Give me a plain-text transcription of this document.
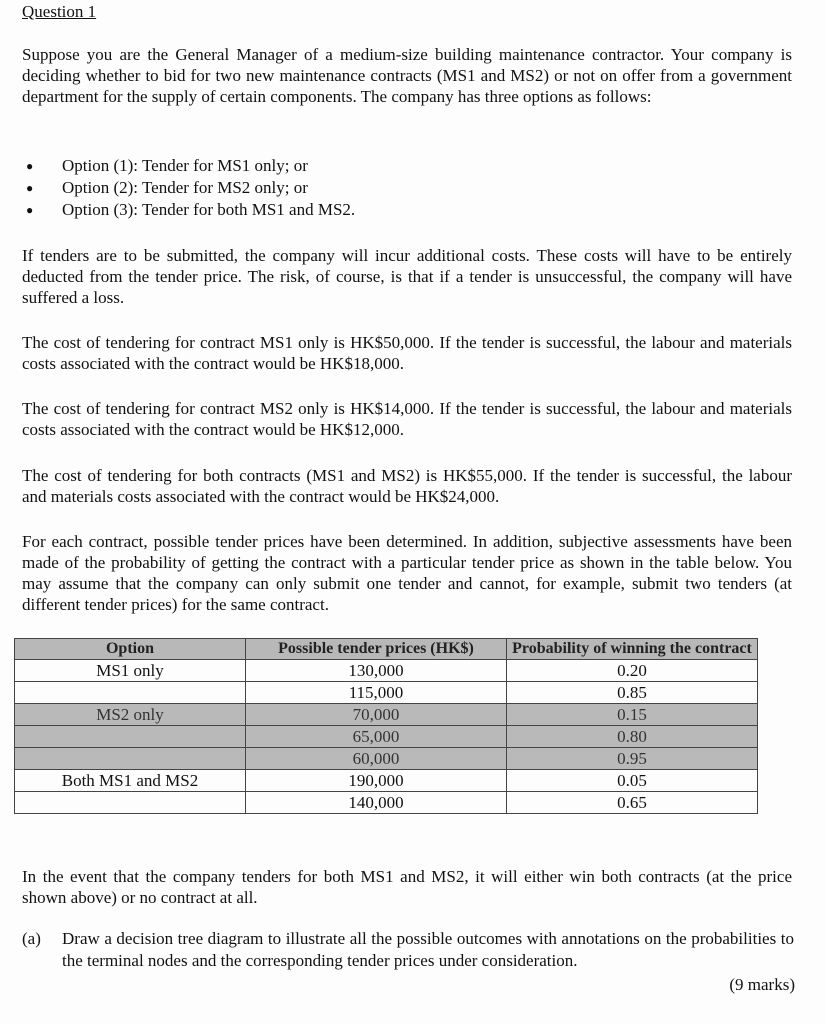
Question 1
Suppose you are the General Manager of a medium-size building maintenance contractor. Your company is deciding whether to bid for two new maintenance contracts (MS1 and MS2) or not on offer from a government department for the supply of certain components. The company has three options as follows:
●	Option (1): Tender for MS1 only; or
●	Option (2): Tender for MS2 only; or
●	Option (3): Tender for both MS1 and MS2.
If tenders are to be submitted, the company will incur additional costs. These costs will have to be entirely deducted from the tender price. The risk, of course, is that if a tender is unsuccessful, the company will have suffered a loss.
The cost of tendering for contract MS1 only is HK$50,000. If the tender is successful, the labour and materials costs associated with the contract would be HK$18,000.
The cost of tendering for contract MS2 only is HK$14,000. If the tender is successful, the labour and materials costs associated with the contract would be HK$12,000.
The cost of tendering for both contracts (MS1 and MS2) is HK$55,000. If the tender is successful, the labour and materials costs associated with the contract would be HK$24,000.
For each contract, possible tender prices have been determined. In addition, subjective assessments have been made of the probability of getting the contract with a particular tender price as shown in the table below. You may assume that the company can only submit one tender and cannot, for example, submit two tenders (at different tender prices) for the same contract.
Option	Possible tender prices (HK$)	Probability of winning the contract
MS1 only	130,000	0.20
	115,000	0.85
MS2 only	70,000	0.15
	65,000	0.80
	60,000	0.95
Both MS1 and MS2	190,000	0.05
	140,000	0.65
In the event that the company tenders for both MS1 and MS2, it will either win both contracts (at the price shown above) or no contract at all.
(a) Draw a decision tree diagram to illustrate all the possible outcomes with annotations on the probabilities to the terminal nodes and the corresponding tender prices under consideration.
(9 marks)
